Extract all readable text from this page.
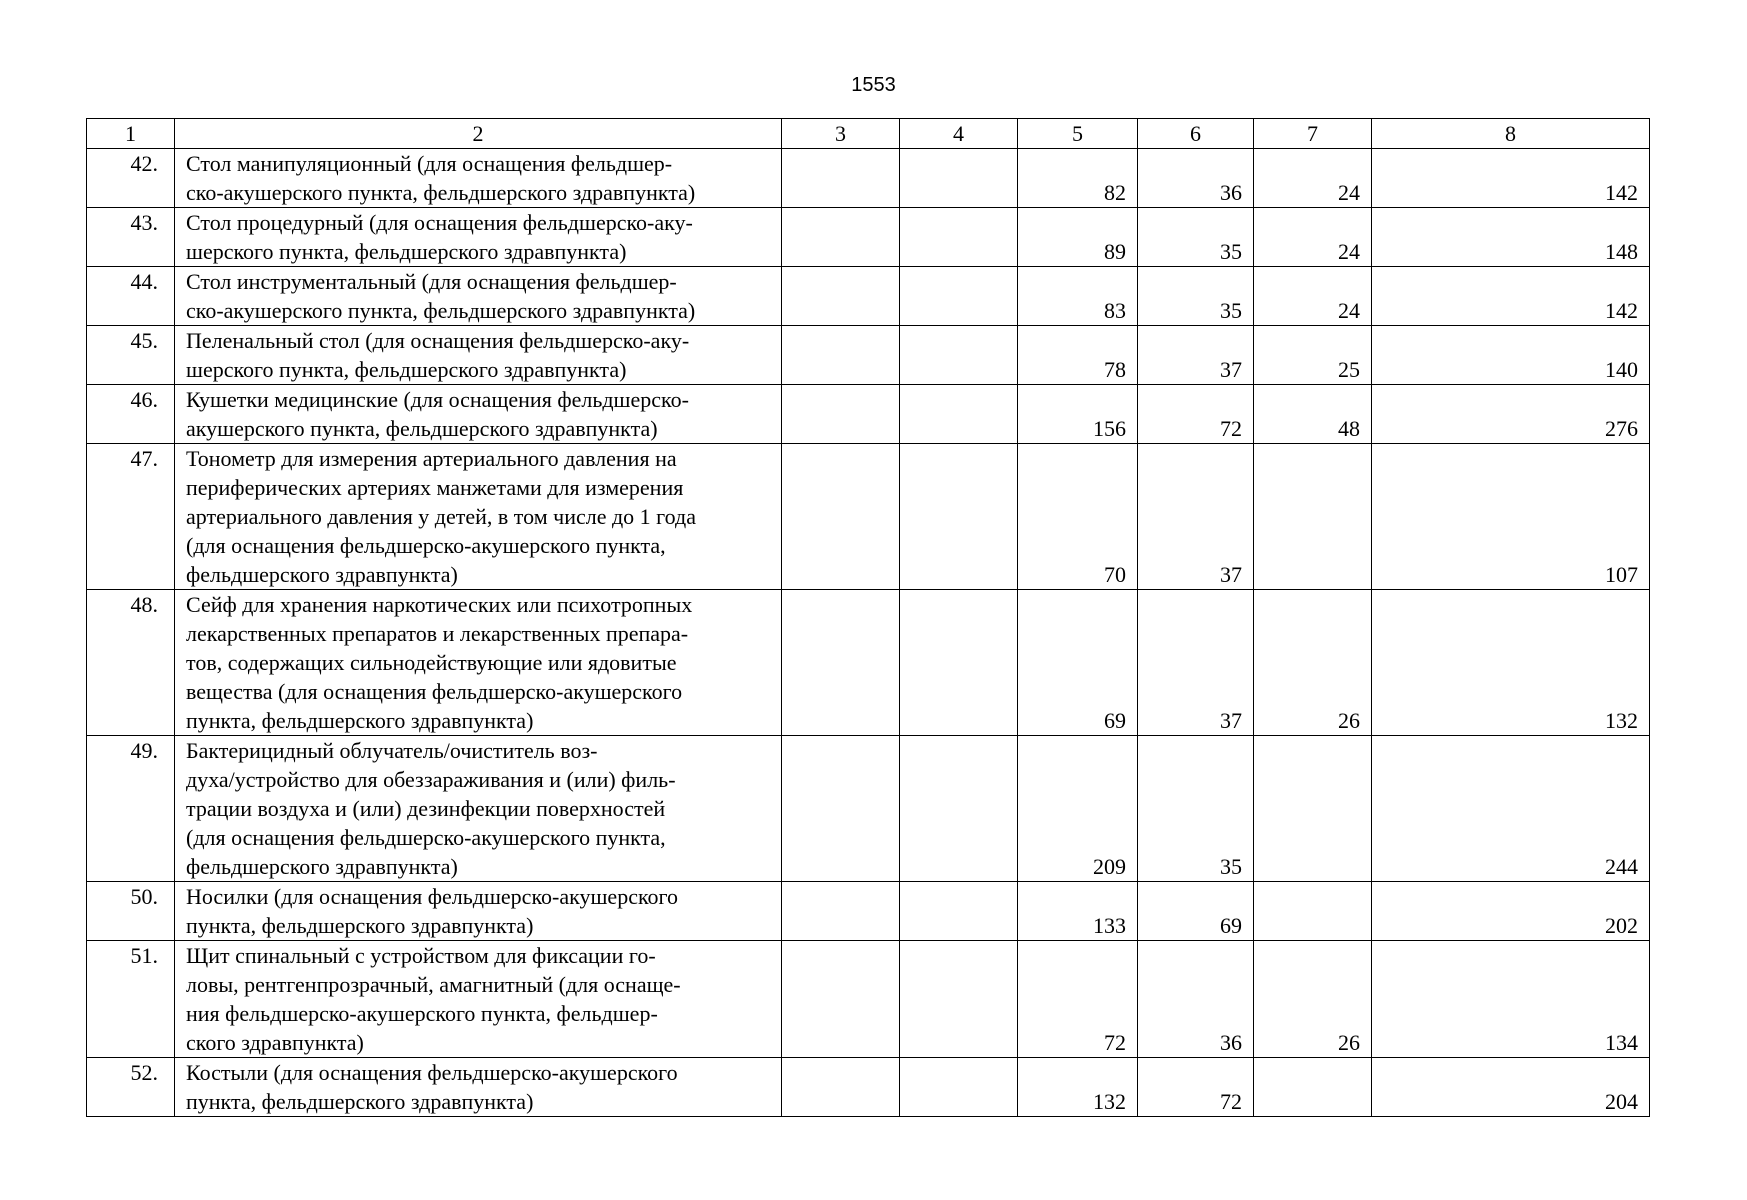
1553
1	2	3	4	5	6	7	8
42.	Стол манипуляционный (для оснащения фельдшер-
ско-акушерского пункта, фельдшерского здравпункта)			82	36	24	142
43.	Стол процедурный (для оснащения фельдшерско-аку-
шерского пункта, фельдшерского здравпункта)			89	35	24	148
44.	Стол инструментальный (для оснащения фельдшер-
ско-акушерского пункта, фельдшерского здравпункта)			83	35	24	142
45.	Пеленальный стол (для оснащения фельдшерско-аку-
шерского пункта, фельдшерского здравпункта)			78	37	25	140
46.	Кушетки медицинские (для оснащения фельдшерско-
акушерского пункта, фельдшерского здравпункта)			156	72	48	276
47.	Тонометр для измерения артериального давления на
периферических артериях манжетами для измерения
артериального давления у детей, в том числе до 1 года
(для оснащения фельдшерско-акушерского пункта,
фельдшерского здравпункта)			70	37		107
48.	Сейф для хранения наркотических или психотропных
лекарственных препаратов и лекарственных препара-
тов, содержащих сильнодействующие или ядовитые
вещества (для оснащения фельдшерско-акушерского
пункта, фельдшерского здравпункта)			69	37	26	132
49.	Бактерицидный облучатель/очиститель воз-
духа/устройство для обеззараживания и (или) филь-
трации воздуха и (или) дезинфекции поверхностей
(для оснащения фельдшерско-акушерского пункта,
фельдшерского здравпункта)			209	35		244
50.	Носилки (для оснащения фельдшерско-акушерского
пункта, фельдшерского здравпункта)			133	69		202
51.	Щит спинальный с устройством для фиксации го-
ловы, рентгенпрозрачный, амагнитный (для оснаще-
ния фельдшерско-акушерского пункта, фельдшер-
ского здравпункта)			72	36	26	134
52.	Костыли (для оснащения фельдшерско-акушерского
пункта, фельдшерского здравпункта)			132	72		204
